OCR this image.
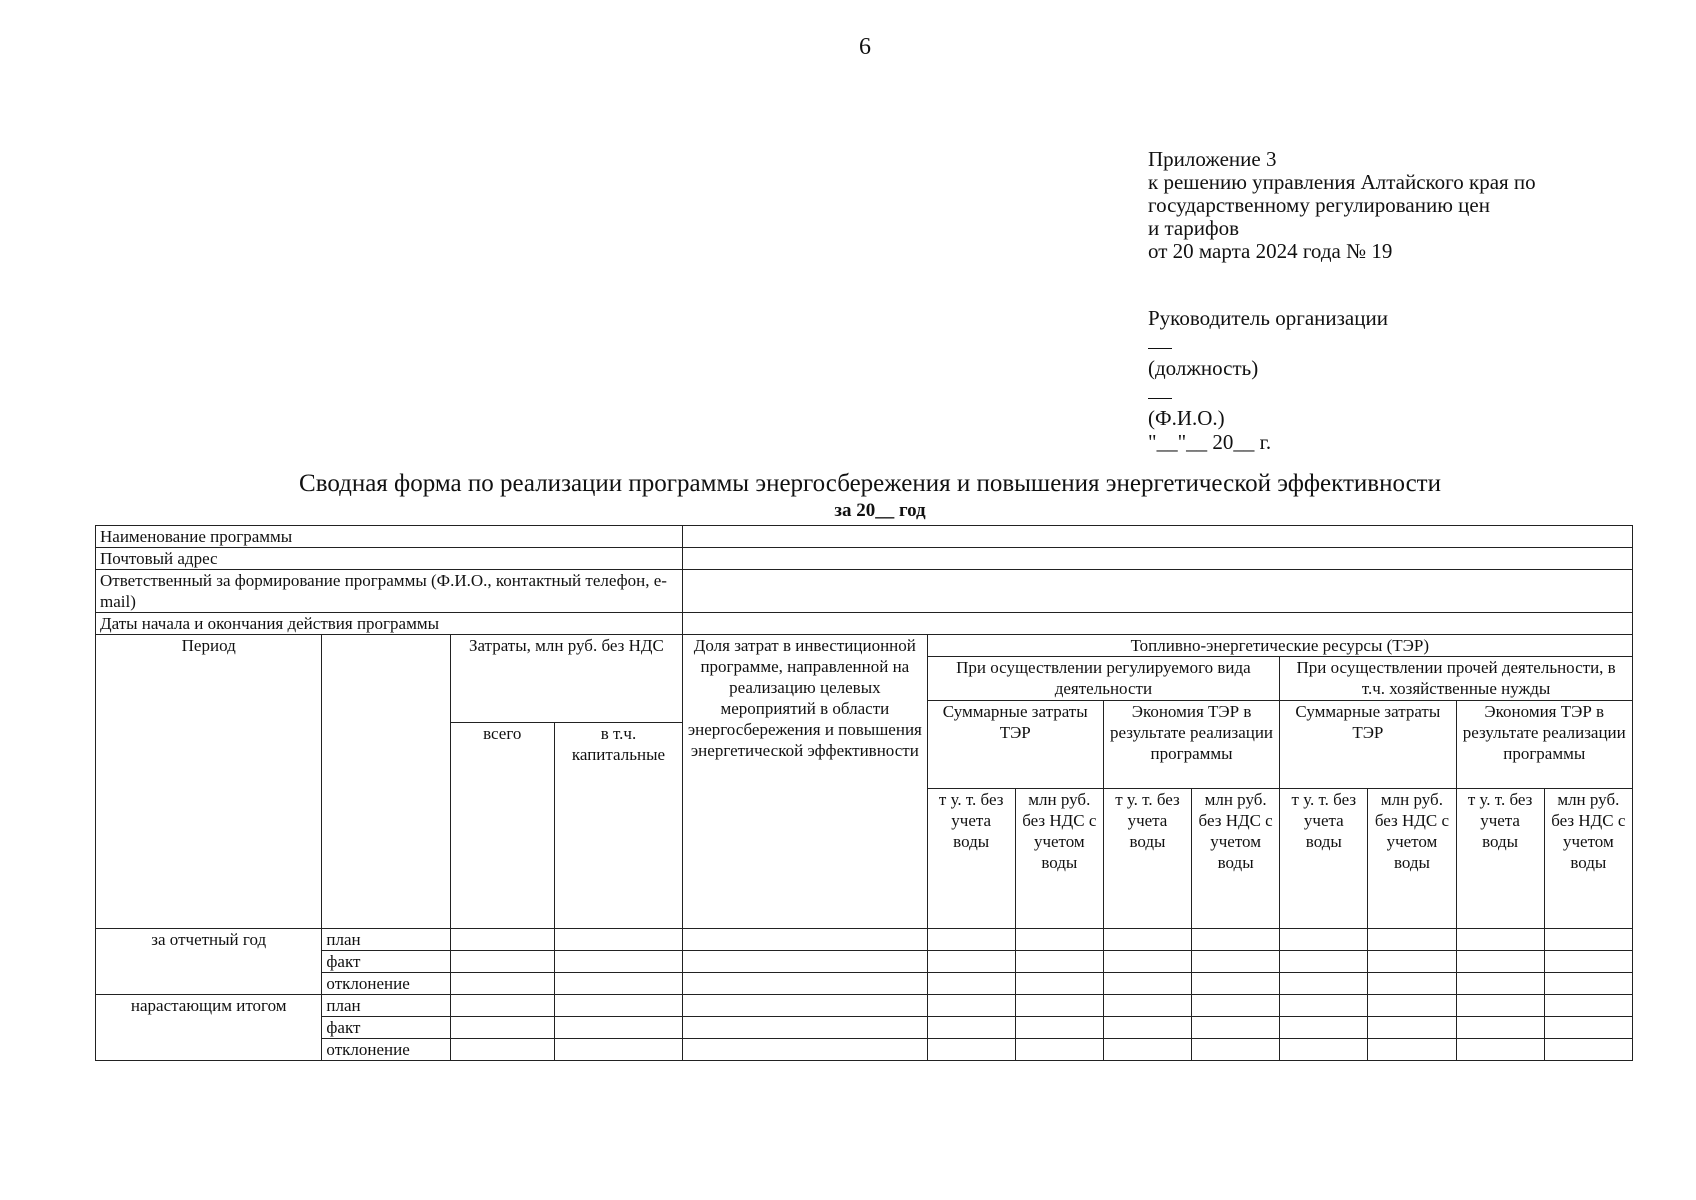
6
Приложение 3
к решению управления Алтайского края по
государственному регулированию цен
и тарифов
от 20 марта 2024 года № 19
Руководитель организации
(должность)
(Ф.И.О.)
"__"__ 20__ г.
Сводная форма по реализации программы энергосбережения и повышения энергетической эффективности
за 20__ год
Наименование программы												
Почтовый адрес												
Ответственный за формирование программы (Ф.И.О., контактный телефон, e-mail)												
Даты начала и окончания действия программы												
Период		Затраты, млн руб. без НДС		Доля затрат в инвестиционной программе, направленной на реализацию целевых мероприятий в области энергосбережения и повышения энергетической эффективности	Топливно-энергетические ресурсы (ТЭР)							
					При осуществлении регулируемого вида деятельности				При осуществлении прочей деятельности, в т.ч. хозяйственные нужды			
					Суммарные затраты ТЭР		Экономия ТЭР в результате реализации программы		Суммарные затраты ТЭР		Экономия ТЭР в результате реализации программы	
		всего	в т.ч. капитальные									
					т у. т. без учета воды	млн руб. без НДС с учетом воды	т у. т. без учета воды	млн руб. без НДС с учетом воды	т у. т. без учета воды	млн руб. без НДС с учетом воды	т у. т. без учета воды	млн руб. без НДС с учетом воды
за отчетный год	план											
	факт											
	отклонение											
нарастающим итогом	план											
	факт											
	отклонение											
